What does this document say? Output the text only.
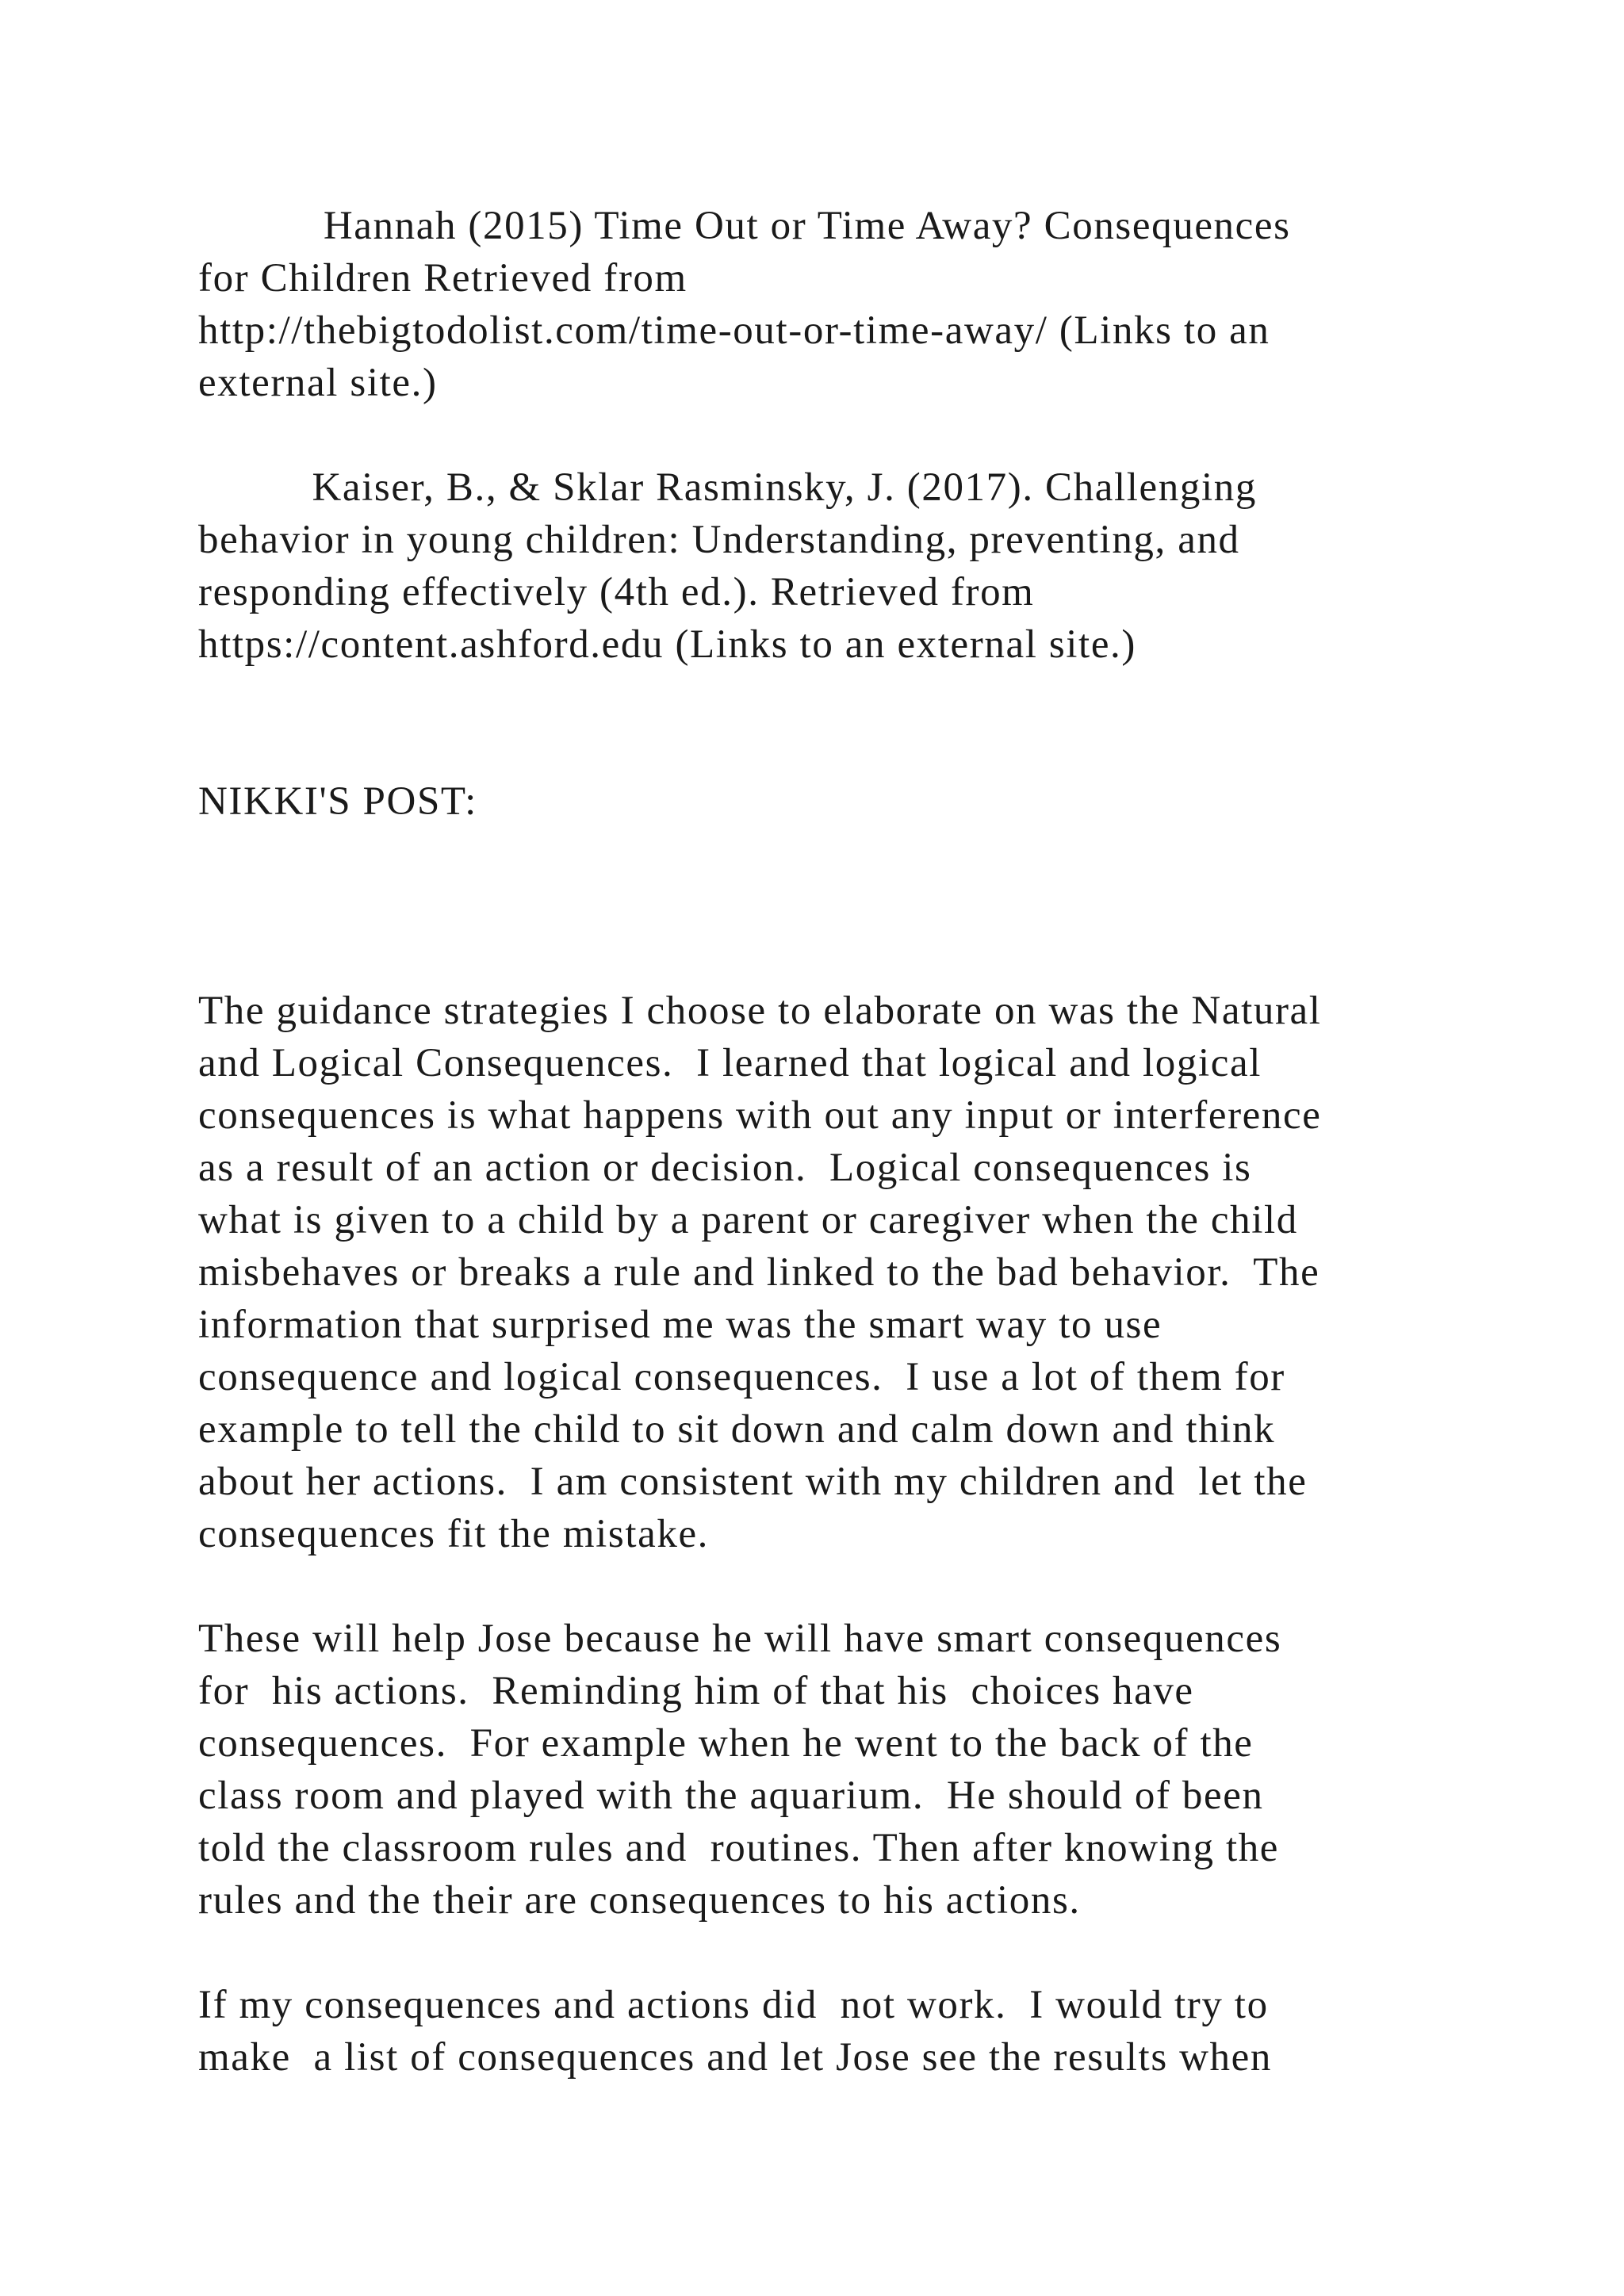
Hannah (2015) Time Out or Time Away? Consequences
for Children Retrieved from
http://thebigtodolist.com/time-out-or-time-away/ (Links to an
external site.)
Kaiser, B., & Sklar Rasminsky, J. (2017). Challenging
behavior in young children: Understanding, preventing, and
responding effectively (4th ed.). Retrieved from
https://content.ashford.edu (Links to an external site.)
NIKKI'S POST:
The guidance strategies I choose to elaborate on was the Natural
and Logical Consequences.  I learned that logical and logical
consequences is what happens with out any input or interference
as a result of an action or decision.  Logical consequences is
what is given to a child by a parent or caregiver when the child
misbehaves or breaks a rule and linked to the bad behavior.  The
information that surprised me was the smart way to use
consequence and logical consequences.  I use a lot of them for
example to tell the child to sit down and calm down and think
about her actions.  I am consistent with my children and  let the
consequences fit the mistake.
These will help Jose because he will have smart consequences
for  his actions.  Reminding him of that his  choices have
consequences.  For example when he went to the back of the
class room and played with the aquarium.  He should of been
told the classroom rules and  routines. Then after knowing the
rules and the their are consequences to his actions.
If my consequences and actions did  not work.  I would try to
make  a list of consequences and let Jose see the results when
